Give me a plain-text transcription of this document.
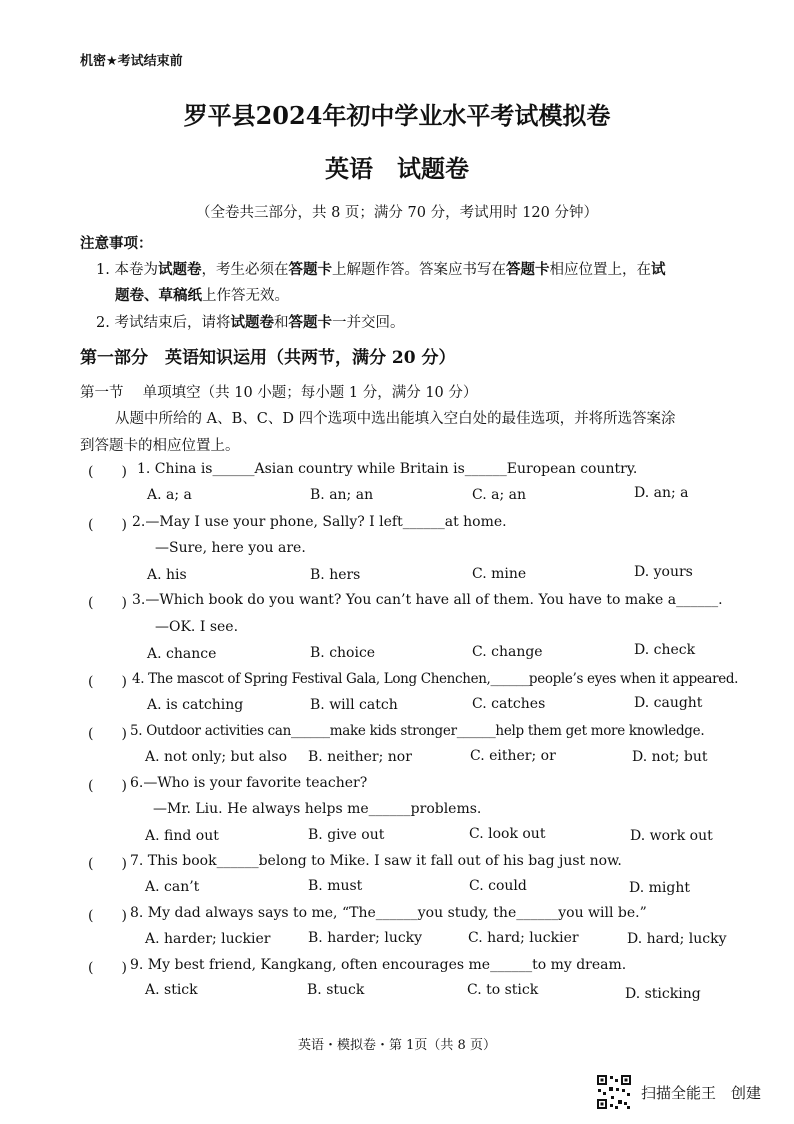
机密★考试结束前
罗平县2024年初中学业水平考试模拟卷
英语　试题卷
（全卷共三部分，共 8 页；满分 70 分，考试用时 120 分钟）
注意事项：
1. 本卷为试题卷，考生必须在答题卡上解题作答。答案应书写在答题卡相应位置上，在试
题卷、草稿纸上作答无效。
2. 考试结束后，请将试题卷和答题卡一并交回。
第一部分　英语知识运用（共两节，满分 20 分）
第一节　 单项填空（共 10 小题；每小题 1 分，满分 10 分）
从题中所给的 A、B、C、D 四个选项中选出能填入空白处的最佳选项，并将所选答案涂
到答题卡的相应位置上。
(　　) 1. China is______Asian country while Britain is______European country.
A. a; a	B. an; an	C. a; an	D. an; a
(　　) 2.—May I use your phone, Sally? I left______at home.
—Sure, here you are.
A. his	B. hers	C. mine	D. yours
(　　) 3.—Which book do you want? You can’t have all of them. You have to make a______.
—OK. I see.
A. chance	B. choice	C. change	D. check
(　　) 4. The mascot of Spring Festival Gala, Long Chenchen,______people’s eyes when it appeared.
A. is catching	B. will catch	C. catches	D. caught
(　　) 5. Outdoor activities can______make kids stronger______help them get more knowledge.
A. not only; but also B. neither; nor	C. either; or	D. not; but
(　　) 6.—Who is your favorite teacher?
—Mr. Liu. He always helps me______problems.
A. find out	B. give out	C. look out	D. work out
(　　) 7. This book______belong to Mike. I saw it fall out of his bag just now.
A. can’t	B. must	C. could	D. might
(　　) 8. My dad always says to me, “The______you study, the______you will be.”
A. harder; luckier	B. harder; lucky	C. hard; luckier	D. hard; lucky
(　　) 9. My best friend, Kangkang, often encourages me______to my dream.
A. stick	B. stuck	C. to stick	D. sticking
英语・模拟卷・第 1页（共 8 页）
扫描全能王　创建
